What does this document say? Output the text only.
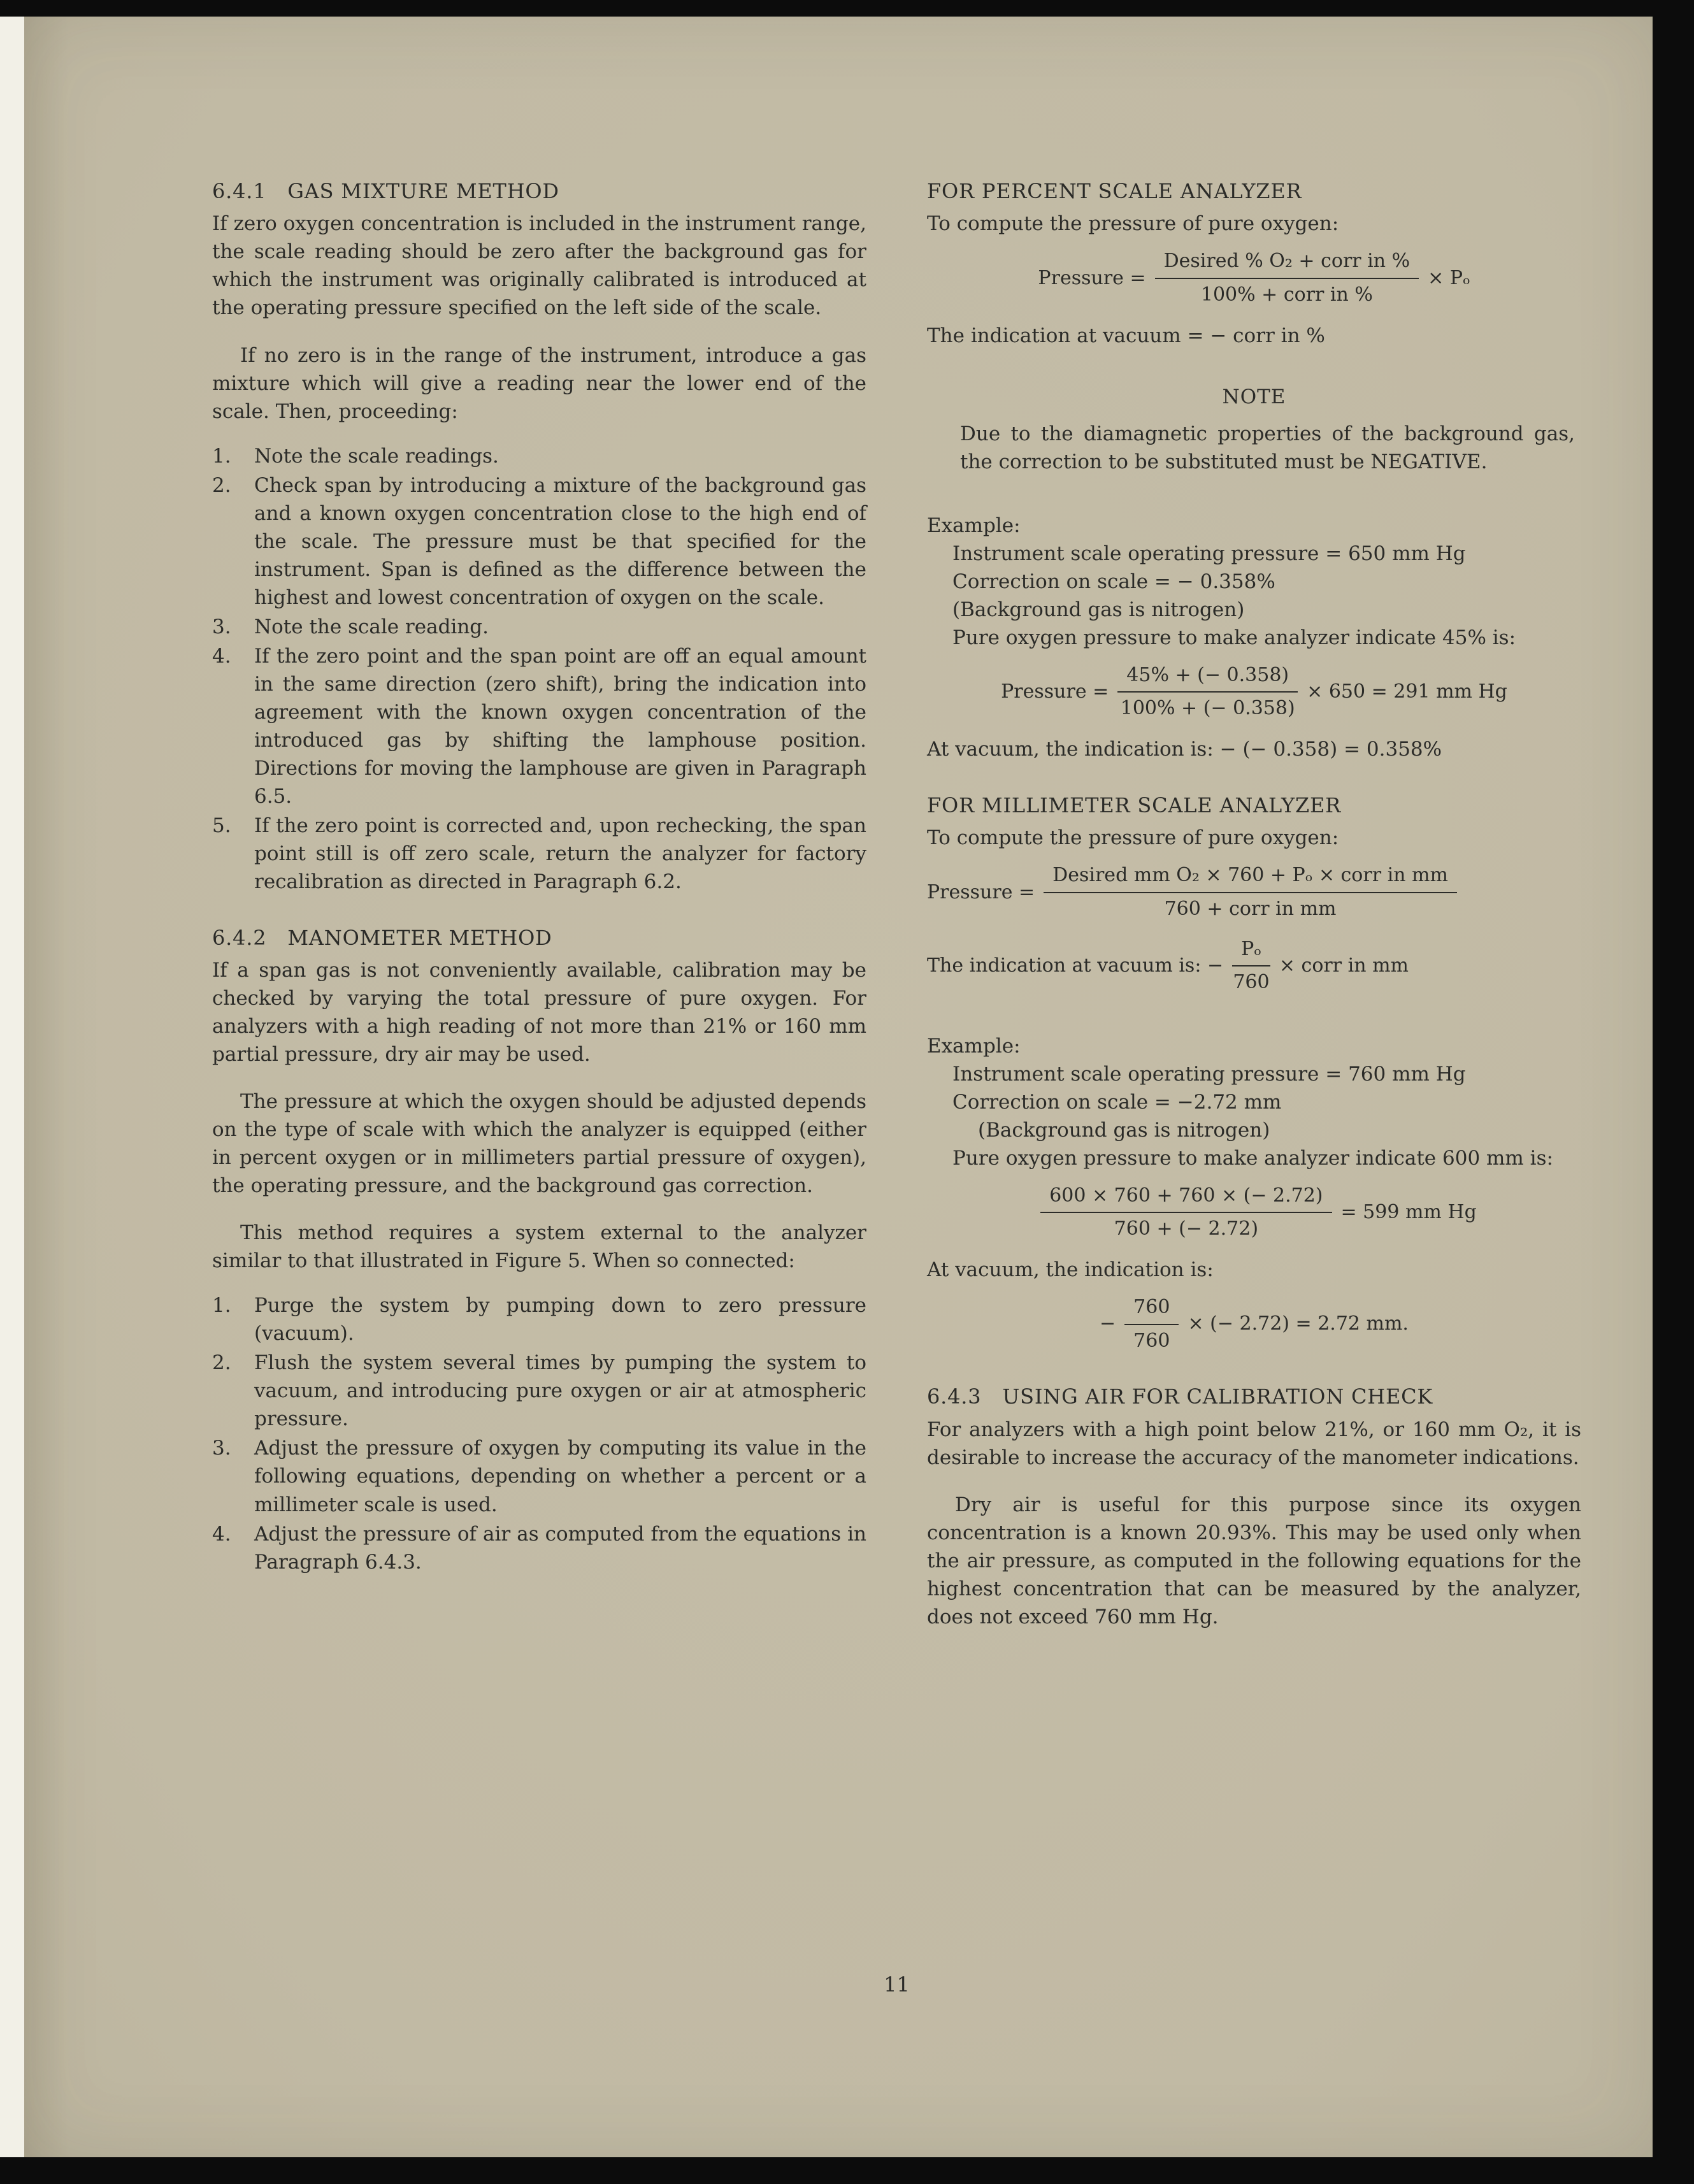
6.4.1   GAS MIXTURE METHOD

If zero oxygen concentration is included in the instrument range, the scale reading should be zero after the background gas for which the instrument was originally calibrated is introduced at the operating pressure specified on the left side of the scale.

If no zero is in the range of the instrument, introduce a gas mixture which will give a reading near the lower end of the scale. Then, proceeding:

1.	Note the scale readings.
2.	Check span by introducing a mixture of the background gas and a known oxygen concentration close to the high end of the scale. The pressure must be that specified for the instrument. Span is defined as the difference between the highest and lowest concentration of oxygen on the scale.
3.	Note the scale reading.
4.	If the zero point and the span point are off an equal amount in the same direction (zero shift), bring the indication into agreement with the known oxygen concentration of the introduced gas by shifting the lamphouse position. Directions for moving the lamphouse are given in Paragraph 6.5.
5.	If the zero point is corrected and, upon rechecking, the span point still is off zero scale, return the analyzer for factory recalibration as directed in Paragraph 6.2.
6.4.2   MANOMETER METHOD

If a span gas is not conveniently available, calibration may be checked by varying the total pressure of pure oxygen. For analyzers with a high reading of not more than 21% or 160 mm partial pressure, dry air may be used.

The pressure at which the oxygen should be adjusted depends on the type of scale with which the analyzer is equipped (either in percent oxygen or in millimeters partial pressure of oxygen), the operating pressure, and the background gas correction.

This method requires a system external to the analyzer similar to that illustrated in Figure 5. When so connected:

1.	Purge the system by pumping down to zero pressure (vacuum).
2.	Flush the system several times by pumping the system to vacuum, and introducing pure oxygen or air at atmospheric pressure.
3.	Adjust the pressure of oxygen by computing its value in the following equations, depending on whether a percent or a millimeter scale is used.
4.	Adjust the pressure of air as computed from the equations in Paragraph 6.4.3.
FOR PERCENT SCALE ANALYZER

To compute the pressure of pure oxygen:

Pressure = $\frac{\text{Desired \% O₂ + corr in \%}}{\text{100\% + corr in \%}} \times P_o$

The indication at vacuum = − corr in %

NOTE

Due to the diamagnetic properties of the background gas, the correction to be substituted must be NEGATIVE.

Example:

Instrument scale operating pressure = 650 mm Hg

Correction on scale = − 0.358%

(Background gas is nitrogen)

Pure oxygen pressure to make analyzer indicate 45% is:

Pressure = $\frac{45\% + (- 0.358)}{100\% + (- 0.358)} \times 650 = 291$ mm Hg

At vacuum, the indication is: − (− 0.358) = 0.358%

FOR MILLIMETER SCALE ANALYZER

To compute the pressure of pure oxygen:

Pressure = $\frac{\text{Desired mm O₂ × 760 + Pₒ × corr in mm}}{\text{760 + corr in mm}}$
The indication at vacuum is: − $\frac{\text{Pₒ}}{760}$ × corr in mm

Example:

Instrument scale operating pressure = 760 mm Hg

Correction on scale = −2.72 mm

(Background gas is nitrogen)

Pure oxygen pressure to make analyzer indicate 600 mm is:

$\frac{600 \times 760 + 760 \times (- 2.72)}{760 + (- 2.72)} = 599$ mm Hg

At vacuum, the indication is:

− $\frac{760}{760}$ × (− 2.72) = 2.72 mm.
6.4.3   USING AIR FOR CALIBRATION CHECK

For analyzers with a high point below 21%, or 160 mm O₂, it is desirable to increase the accuracy of the manometer indications.

Dry air is useful for this purpose since its oxygen concentration is a known 20.93%. This may be used only when the air pressure, as computed in the following equations for the highest concentration that can be measured by the analyzer, does not exceed 760 mm Hg.

11
